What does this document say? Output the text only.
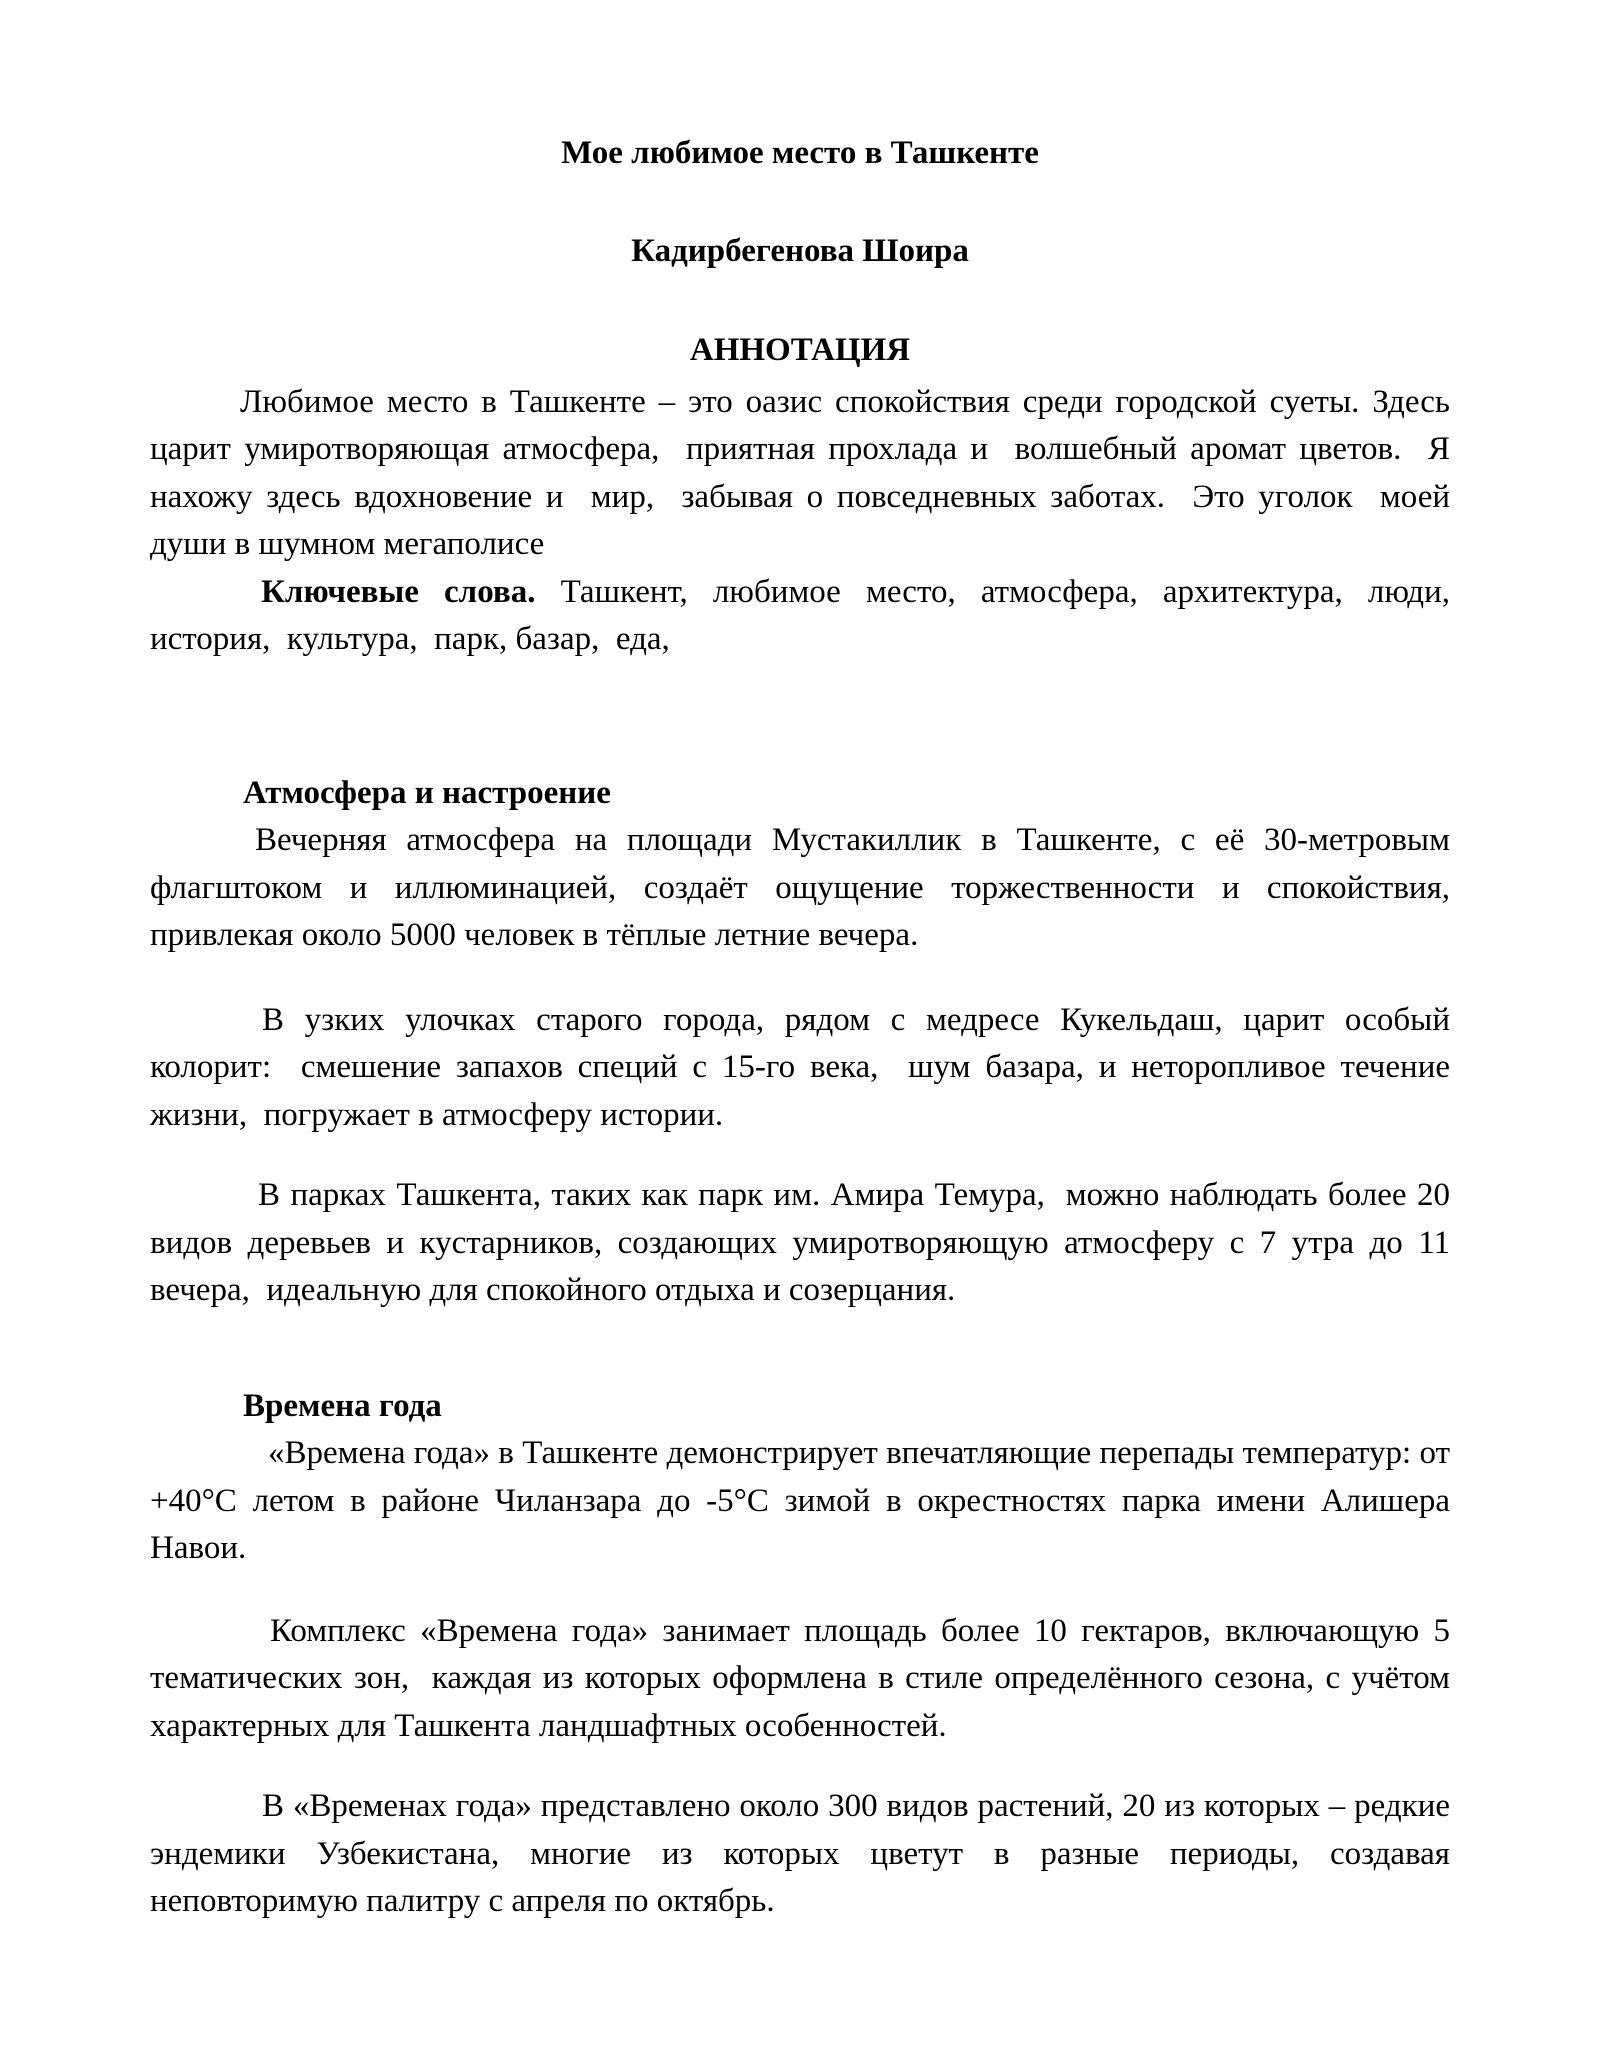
Мое любимое место в Ташкенте

Кадирбегенова Шоира

АННОТАЦИЯ

Любимое место в Ташкенте – это оазис спокойствия среди городской суеты. Здесь царит умиротворяющая атмосфера,  приятная прохлада и  волшебный аромат цветов.  Я нахожу здесь вдохновение и  мир,  забывая о повседневных заботах.  Это уголок  моей души в шумном мегаполисе

Ключевые слова. Ташкент, любимое место, атмосфера, архитектура, люди, история,  культура,  парк, базар,  еда,

Атмосфера и настроение

Вечерняя атмосфера на площади Мустакиллик в Ташкенте, с её 30-метровым флагштоком и иллюминацией, создаёт ощущение торжественности и спокойствия, привлекая около 5000 человек в тёплые летние вечера.

В узких улочках старого города, рядом с медресе Кукельдаш, царит особый колорит:  смешение запахов специй с 15-го века,  шум базара, и неторопливое течение жизни,  погружает в атмосферу истории.

В парках Ташкента, таких как парк им. Амира Темура,  можно наблюдать более 20 видов деревьев и кустарников, создающих умиротворяющую атмосферу с 7 утра до 11 вечера,  идеальную для спокойного отдыха и созерцания.

Времена года

«Времена года» в Ташкенте демонстрирует впечатляющие перепады температур: от +40°C летом в районе Чиланзара до -5°C зимой в окрестностях парка имени Алишера Навои.

Комплекс «Времена года» занимает площадь более 10 гектаров, включающую 5 тематических зон,  каждая из которых оформлена в стиле определённого сезона, с учётом характерных для Ташкента ландшафтных особенностей.

В «Временах года» представлено около 300 видов растений, 20 из которых – редкие эндемики Узбекистана, многие из которых цветут в разные периоды, создавая неповторимую палитру с апреля по октябрь.
